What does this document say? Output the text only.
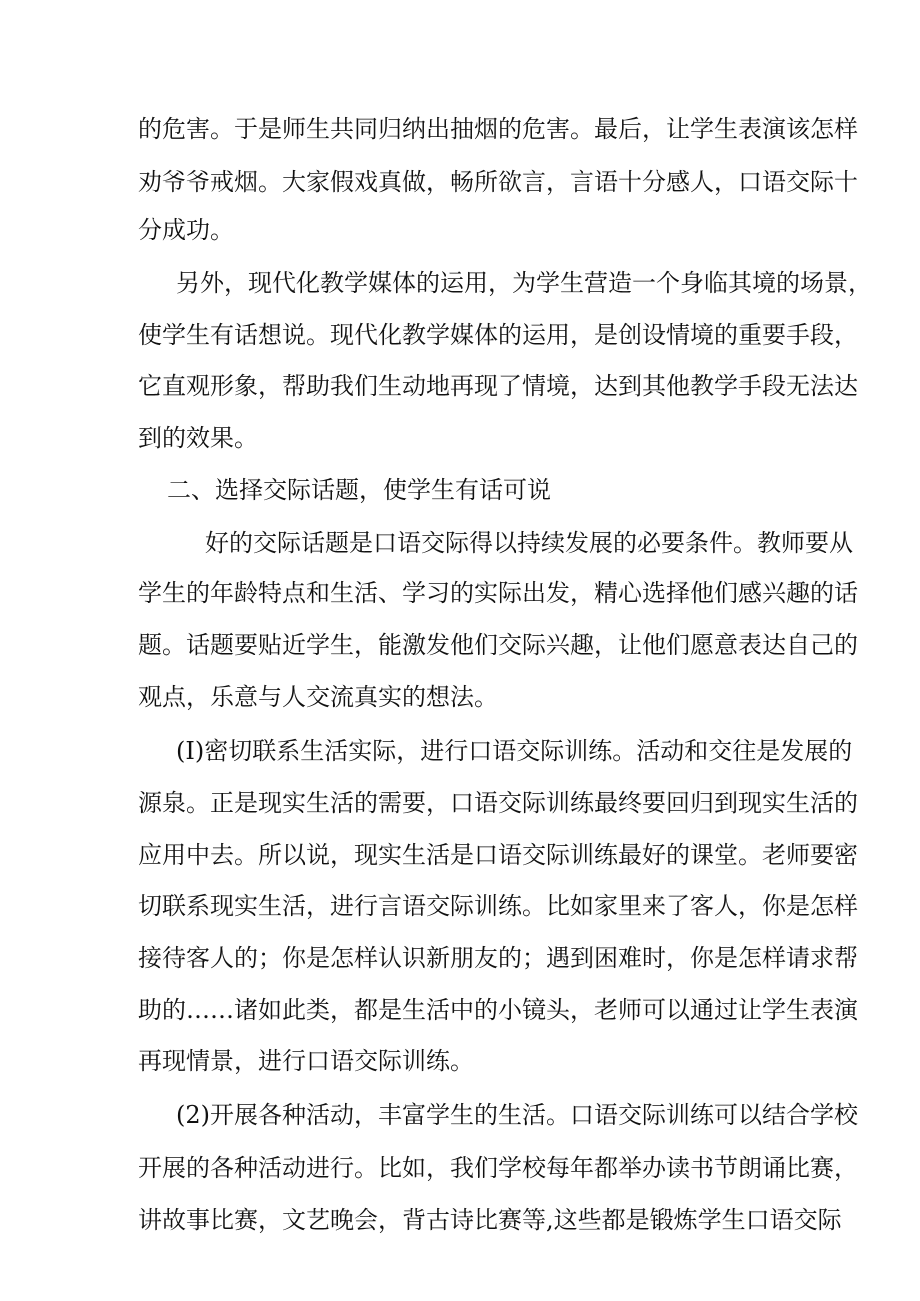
的危害。于是师生共同归纳出抽烟的危害。最后，让学生表演该怎样
劝爷爷戒烟。大家假戏真做，畅所欲言，言语十分感人，口语交际十
分成功。
另外，现代化教学媒体的运用，为学生营造一个身临其境的场景，
使学生有话想说。现代化教学媒体的运用，是创设情境的重要手段，
它直观形象，帮助我们生动地再现了情境，达到其他教学手段无法达
到的效果。
二、选择交际话题，使学生有话可说
好的交际话题是口语交际得以持续发展的必要条件。教师要从
学生的年龄特点和生活、学习的实际出发，精心选择他们感兴趣的话
题。话题要贴近学生，能激发他们交际兴趣，让他们愿意表达自己的
观点，乐意与人交流真实的想法。
(I)密切联系生活实际，进行口语交际训练。活动和交往是发展的
源泉。正是现实生活的需要，口语交际训练最终要回归到现实生活的
应用中去。所以说，现实生活是口语交际训练最好的课堂。老师要密
切联系现实生活，进行言语交际训练。比如家里来了客人，你是怎样
接待客人的；你是怎样认识新朋友的；遇到困难时，你是怎样请求帮
助的……诸如此类，都是生活中的小镜头，老师可以通过让学生表演
再现情景，进行口语交际训练。
(2)开展各种活动，丰富学生的生活。口语交际训练可以结合学校
开展的各种活动进行。比如，我们学校每年都举办读书节朗诵比赛，
讲故事比赛，文艺晚会，背古诗比赛等,这些都是锻炼学生口语交际
